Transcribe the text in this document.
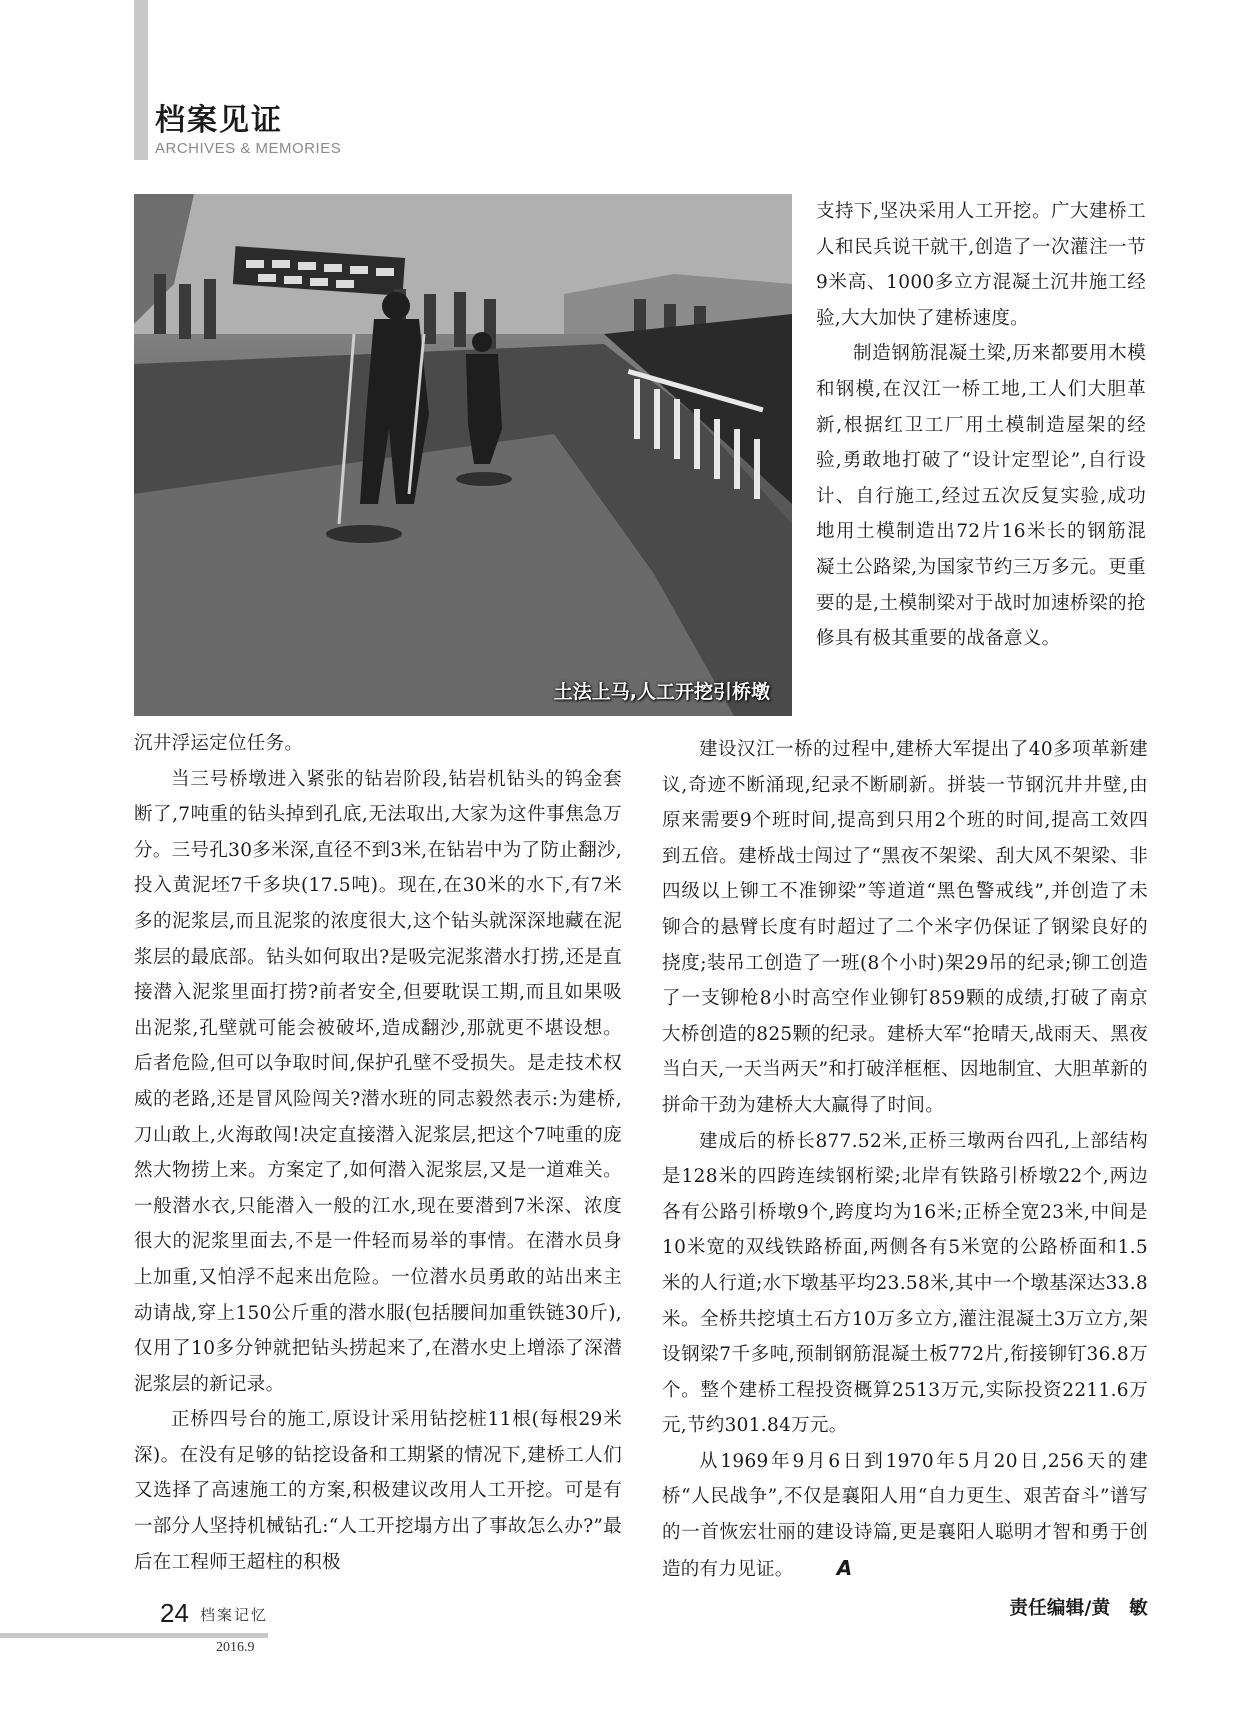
档案见证
ARCHIVES & MEMORIES
土法上马,人工开挖引桥墩

支持下,坚决采用人工开挖。广大建桥工人和民兵说干就干,创造了一次灌注一节9米高、1000多立方混凝土沉井施工经验,大大加快了建桥速度。

制造钢筋混凝土梁,历来都要用木模和钢模,在汉江一桥工地,工人们大胆革新,根据红卫工厂用土模制造屋架的经验,勇敢地打破了“设计定型论”,自行设计、自行施工,经过五次反复实验,成功地用土模制造出72片16米长的钢筋混凝土公路梁,为国家节约三万多元。更重要的是,土模制梁对于战时加速桥梁的抢修具有极其重要的战备意义。

沉井浮运定位任务。

当三号桥墩进入紧张的钻岩阶段,钻岩机钻头的钨金套断了,7吨重的钻头掉到孔底,无法取出,大家为这件事焦急万分。三号孔30多米深,直径不到3米,在钻岩中为了防止翻沙,投入黄泥坯7千多块(17.5吨)。现在,在30米的水下,有7米多的泥浆层,而且泥浆的浓度很大,这个钻头就深深地藏在泥浆层的最底部。钻头如何取出?是吸完泥浆潜水打捞,还是直接潜入泥浆里面打捞?前者安全,但要耽误工期,而且如果吸出泥浆,孔壁就可能会被破坏,造成翻沙,那就更不堪设想。后者危险,但可以争取时间,保护孔壁不受损失。是走技术权威的老路,还是冒风险闯关?潜水班的同志毅然表示:为建桥,刀山敢上,火海敢闯!决定直接潜入泥浆层,把这个7吨重的庞然大物捞上来。方案定了,如何潜入泥浆层,又是一道难关。一般潜水衣,只能潜入一般的江水,现在要潜到7米深、浓度很大的泥浆里面去,不是一件轻而易举的事情。在潜水员身上加重,又怕浮不起来出危险。一位潜水员勇敢的站出来主动请战,穿上150公斤重的潜水服(包括腰间加重铁链30斤),仅用了10多分钟就把钻头捞起来了,在潜水史上增添了深潜泥浆层的新记录。

正桥四号台的施工,原设计采用钻挖桩11根(每根29米深)。在没有足够的钻挖设备和工期紧的情况下,建桥工人们又选择了高速施工的方案,积极建议改用人工开挖。可是有一部分人坚持机械钻孔:“人工开挖塌方出了事故怎么办?”最后在工程师王超柱的积极

建设汉江一桥的过程中,建桥大军提出了40多项革新建议,奇迹不断涌现,纪录不断刷新。拼装一节钢沉井井壁,由原来需要9个班时间,提高到只用2个班的时间,提高工效四到五倍。建桥战士闯过了“黑夜不架梁、刮大风不架梁、非四级以上铆工不准铆梁”等道道“黑色警戒线”,并创造了未铆合的悬臂长度有时超过了二个米字仍保证了钢梁良好的挠度;装吊工创造了一班(8个小时)架29吊的纪录;铆工创造了一支铆枪8小时高空作业铆钉859颗的成绩,打破了南京大桥创造的825颗的纪录。建桥大军“抢晴天,战雨天、黑夜当白天,一天当两天”和打破洋框框、因地制宜、大胆革新的拼命干劲为建桥大大赢得了时间。

建成后的桥长877.52米,正桥三墩两台四孔,上部结构是128米的四跨连续钢桁梁;北岸有铁路引桥墩22个,两边各有公路引桥墩9个,跨度均为16米;正桥全宽23米,中间是10米宽的双线铁路桥面,两侧各有5米宽的公路桥面和1.5米的人行道;水下墩基平均23.58米,其中一个墩基深达33.8米。全桥共挖填土石方10万多立方,灌注混凝土3万立方,架设钢梁7千多吨,预制钢筋混凝土板772片,衔接铆钉36.8万个。整个建桥工程投资概算2513万元,实际投资2211.6万元,节约301.84万元。

从1969年9月6日到1970年5月20日,256天的建桥“人民战争”,不仅是襄阳人用“自力更生、艰苦奋斗”谱写的一首恢宏壮丽的建设诗篇,更是襄阳人聪明才智和勇于创造的有力见证。 A

责任编辑/黄　敏
24 档案记忆
2016.9
